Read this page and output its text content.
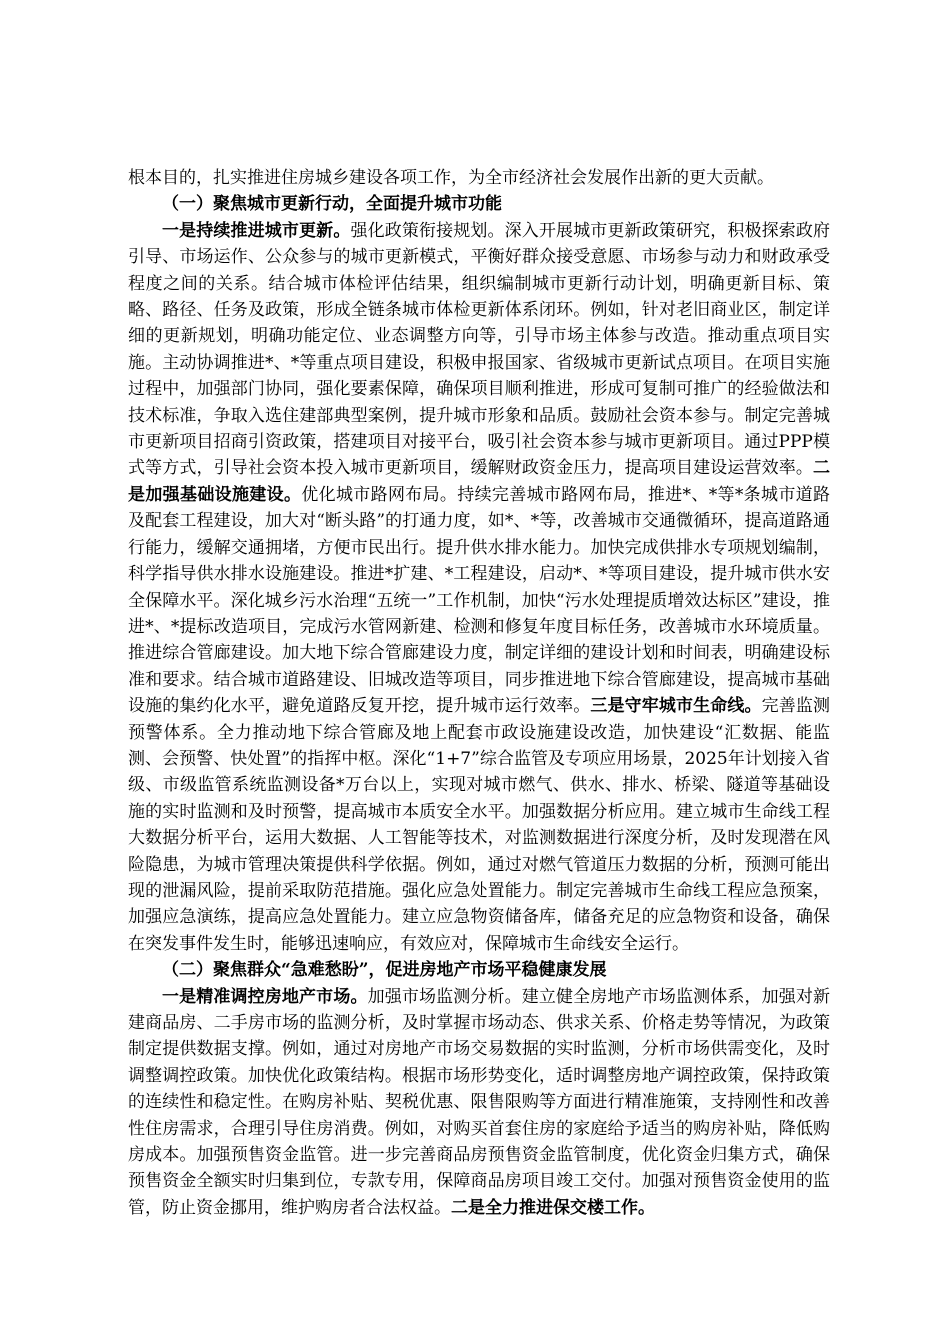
根本目的，扎实推进住房城乡建设各项工作，为全市经济社会发展作出新的更大贡献。

（一）聚焦城市更新行动，全面提升城市功能

一是持续推进城市更新。强化政策衔接规划。深入开展城市更新政策研究，积极探索政府引导、市场运作、公众参与的城市更新模式，平衡好群众接受意愿、市场参与动力和财政承受程度之间的关系。结合城市体检评估结果，组织编制城市更新行动计划，明确更新目标、策略、路径、任务及政策，形成全链条城市体检更新体系闭环。例如，针对老旧商业区，制定详细的更新规划，明确功能定位、业态调整方向等，引导市场主体参与改造。推动重点项目实施。主动协调推进*、*等重点项目建设，积极申报国家、省级城市更新试点项目。在项目实施过程中，加强部门协同，强化要素保障，确保项目顺利推进，形成可复制可推广的经验做法和技术标准，争取入选住建部典型案例，提升城市形象和品质。鼓励社会资本参与。制定完善城市更新项目招商引资政策，搭建项目对接平台，吸引社会资本参与城市更新项目。通过PPP模式等方式，引导社会资本投入城市更新项目，缓解财政资金压力，提高项目建设运营效率。二是加强基础设施建设。优化城市路网布局。持续完善城市路网布局，推进*、*等*条城市道路及配套工程建设，加大对“断头路”的打通力度，如*、*等，改善城市交通微循环，提高道路通行能力，缓解交通拥堵，方便市民出行。提升供水排水能力。加快完成供排水专项规划编制，科学指导供水排水设施建设。推进*扩建、*工程建设，启动*、*等项目建设，提升城市供水安全保障水平。深化城乡污水治理“五统一”工作机制，加快“污水处理提质增效达标区”建设，推进*、*提标改造项目，完成污水管网新建、检测和修复年度目标任务，改善城市水环境质量。推进综合管廊建设。加大地下综合管廊建设力度，制定详细的建设计划和时间表，明确建设标准和要求。结合城市道路建设、旧城改造等项目，同步推进地下综合管廊建设，提高城市基础设施的集约化水平，避免道路反复开挖，提升城市运行效率。三是守牢城市生命线。完善监测预警体系。全力推动地下综合管廊及地上配套市政设施建设改造，加快建设“汇数据、能监测、会预警、快处置”的指挥中枢。深化“1+7”综合监管及专项应用场景，2025年计划接入省级、市级监管系统监测设备*万台以上，实现对城市燃气、供水、排水、桥梁、隧道等基础设施的实时监测和及时预警，提高城市本质安全水平。加强数据分析应用。建立城市生命线工程大数据分析平台，运用大数据、人工智能等技术，对监测数据进行深度分析，及时发现潜在风险隐患，为城市管理决策提供科学依据。例如，通过对燃气管道压力数据的分析，预测可能出现的泄漏风险，提前采取防范措施。强化应急处置能力。制定完善城市生命线工程应急预案，加强应急演练，提高应急处置能力。建立应急物资储备库，储备充足的应急物资和设备，确保在突发事件发生时，能够迅速响应，有效应对，保障城市生命线安全运行。

（二）聚焦群众“急难愁盼”，促进房地产市场平稳健康发展

一是精准调控房地产市场。加强市场监测分析。建立健全房地产市场监测体系，加强对新建商品房、二手房市场的监测分析，及时掌握市场动态、供求关系、价格走势等情况，为政策制定提供数据支撑。例如，通过对房地产市场交易数据的实时监测，分析市场供需变化，及时调整调控政策。加快优化政策结构。根据市场形势变化，适时调整房地产调控政策，保持政策的连续性和稳定性。在购房补贴、契税优惠、限售限购等方面进行精准施策，支持刚性和改善性住房需求，合理引导住房消费。例如，对购买首套住房的家庭给予适当的购房补贴，降低购房成本。加强预售资金监管。进一步完善商品房预售资金监管制度，优化资金归集方式，确保预售资金全额实时归集到位，专款专用，保障商品房项目竣工交付。加强对预售资金使用的监管，防止资金挪用，维护购房者合法权益。二是全力推进保交楼工作。
